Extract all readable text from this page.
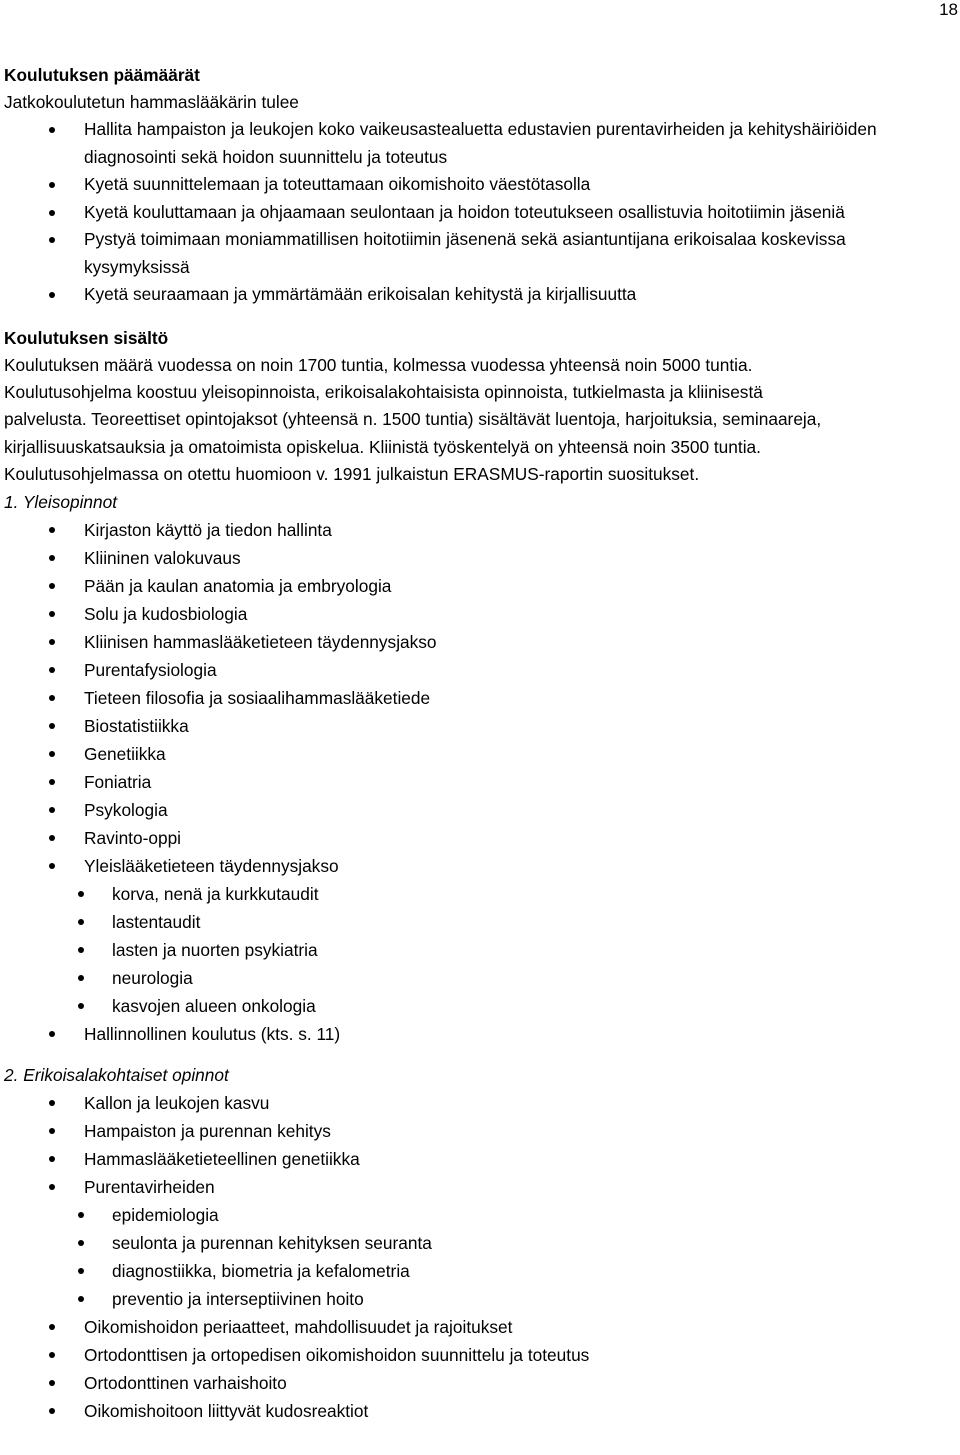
18

Koulutuksen päämäärät

Jatkokoulutetun hammaslääkärin tulee

Hallita hampaiston ja leukojen koko vaikeusastealuetta edustavien purentavirheiden ja kehityshäiriöiden diagnosointi sekä hoidon suunnittelu ja toteutus
Kyetä suunnittelemaan ja toteuttamaan oikomishoito väestötasolla
Kyetä kouluttamaan ja ohjaamaan seulontaan ja hoidon toteutukseen osallistuvia hoitotiimin jäseniä
Pystyä toimimaan moniammatillisen hoitotiimin jäsenenä sekä asiantuntijana erikoisalaa koskevissa kysymyksissä
Kyetä seuraamaan ja ymmärtämään erikoisalan kehitystä ja kirjallisuutta

Koulutuksen sisältö

Koulutuksen määrä vuodessa on noin 1700 tuntia, kolmessa vuodessa yhteensä noin 5000 tuntia.

Koulutusohjelma koostuu yleisopinnoista, erikoisalakohtaisista opinnoista, tutkielmasta ja kliinisestä

palvelusta. Teoreettiset opintojaksot (yhteensä n. 1500 tuntia) sisältävät luentoja, harjoituksia, seminaareja,

kirjallisuuskatsauksia ja omatoimista opiskelua. Kliinistä työskentelyä on yhteensä noin 3500 tuntia.

Koulutusohjelmassa on otettu huomioon v. 1991 julkaistun ERASMUS-raportin suositukset.

1. Yleisopinnot

Kirjaston käyttö ja tiedon hallinta
Kliininen valokuvaus
Pään ja kaulan anatomia ja embryologia
Solu ja kudosbiologia
Kliinisen hammaslääketieteen täydennysjakso
Purentafysiologia
Tieteen filosofia ja sosiaalihammaslääketiede
Biostatistiikka
Genetiikka
Foniatria
Psykologia
Ravinto-oppi
Yleislääketieteen täydennysjakso
korva, nenä ja kurkkutaudit
lastentaudit
lasten ja nuorten psykiatria
neurologia
kasvojen alueen onkologia
Hallinnollinen koulutus (kts. s. 11)

2. Erikoisalakohtaiset opinnot

Kallon ja leukojen kasvu
Hampaiston ja purennan kehitys
Hammaslääketieteellinen genetiikka
Purentavirheiden
epidemiologia
seulonta ja purennan kehityksen seuranta
diagnostiikka, biometria ja kefalometria
preventio ja interseptiivinen hoito
Oikomishoidon periaatteet, mahdollisuudet ja rajoitukset
Ortodonttisen ja ortopedisen oikomishoidon suunnittelu ja toteutus
Ortodonttinen varhaishoito
Oikomishoitoon liittyvät kudosreaktiot
